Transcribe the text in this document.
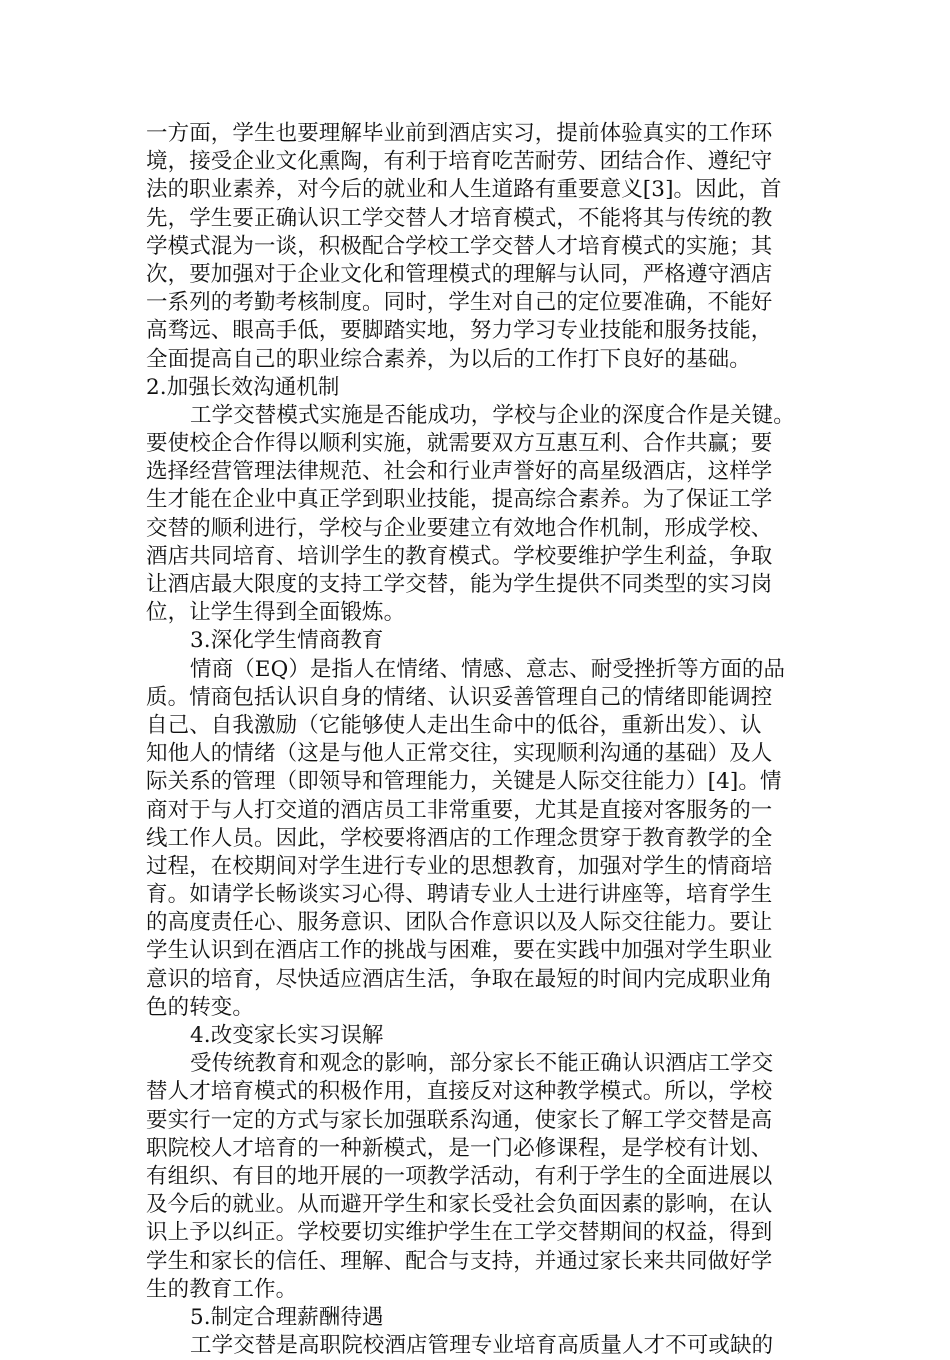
一方面，学生也要理解毕业前到酒店实习，提前体验真实的工作环
境，接受企业文化熏陶，有利于培育吃苦耐劳、团结合作、遵纪守
法的职业素养，对今后的就业和人生道路有重要意义[3]。因此，首
先，学生要正确认识工学交替人才培育模式，不能将其与传统的教
学模式混为一谈，积极配合学校工学交替人才培育模式的实施；其
次，要加强对于企业文化和管理模式的理解与认同，严格遵守酒店
一系列的考勤考核制度。同时，学生对自己的定位要准确，不能好
高骛远、眼高手低，要脚踏实地，努力学习专业技能和服务技能，
全面提高自己的职业综合素养，为以后的工作打下良好的基础。
2.加强长效沟通机制
工学交替模式实施是否能成功，学校与企业的深度合作是关键。
要使校企合作得以顺利实施，就需要双方互惠互利、合作共赢；要
选择经营管理法律规范、社会和行业声誉好的高星级酒店，这样学
生才能在企业中真正学到职业技能，提高综合素养。为了保证工学
交替的顺利进行，学校与企业要建立有效地合作机制，形成学校、
酒店共同培育、培训学生的教育模式。学校要维护学生利益，争取
让酒店最大限度的支持工学交替，能为学生提供不同类型的实习岗
位，让学生得到全面锻炼。
3.深化学生情商教育
情商（EQ）是指人在情绪、情感、意志、耐受挫折等方面的品
质。情商包括认识自身的情绪、认识妥善管理自己的情绪即能调控
自己、自我激励（它能够使人走出生命中的低谷，重新出发）、认
知他人的情绪（这是与他人正常交往，实现顺利沟通的基础）及人
际关系的管理（即领导和管理能力，关键是人际交往能力）[4]。情
商对于与人打交道的酒店员工非常重要，尤其是直接对客服务的一
线工作人员。因此，学校要将酒店的工作理念贯穿于教育教学的全
过程，在校期间对学生进行专业的思想教育，加强对学生的情商培
育。如请学长畅谈实习心得、聘请专业人士进行讲座等，培育学生
的高度责任心、服务意识、团队合作意识以及人际交往能力。要让
学生认识到在酒店工作的挑战与困难，要在实践中加强对学生职业
意识的培育，尽快适应酒店生活，争取在最短的时间内完成职业角
色的转变。
4.改变家长实习误解
受传统教育和观念的影响，部分家长不能正确认识酒店工学交
替人才培育模式的积极作用，直接反对这种教学模式。所以，学校
要实行一定的方式与家长加强联系沟通，使家长了解工学交替是高
职院校人才培育的一种新模式，是一门必修课程，是学校有计划、
有组织、有目的地开展的一项教学活动，有利于学生的全面进展以
及今后的就业。从而避开学生和家长受社会负面因素的影响，在认
识上予以纠正。学校要切实维护学生在工学交替期间的权益，得到
学生和家长的信任、理解、配合与支持，并通过家长来共同做好学
生的教育工作。
5.制定合理薪酬待遇
工学交替是高职院校酒店管理专业培育高质量人才不可或缺的
